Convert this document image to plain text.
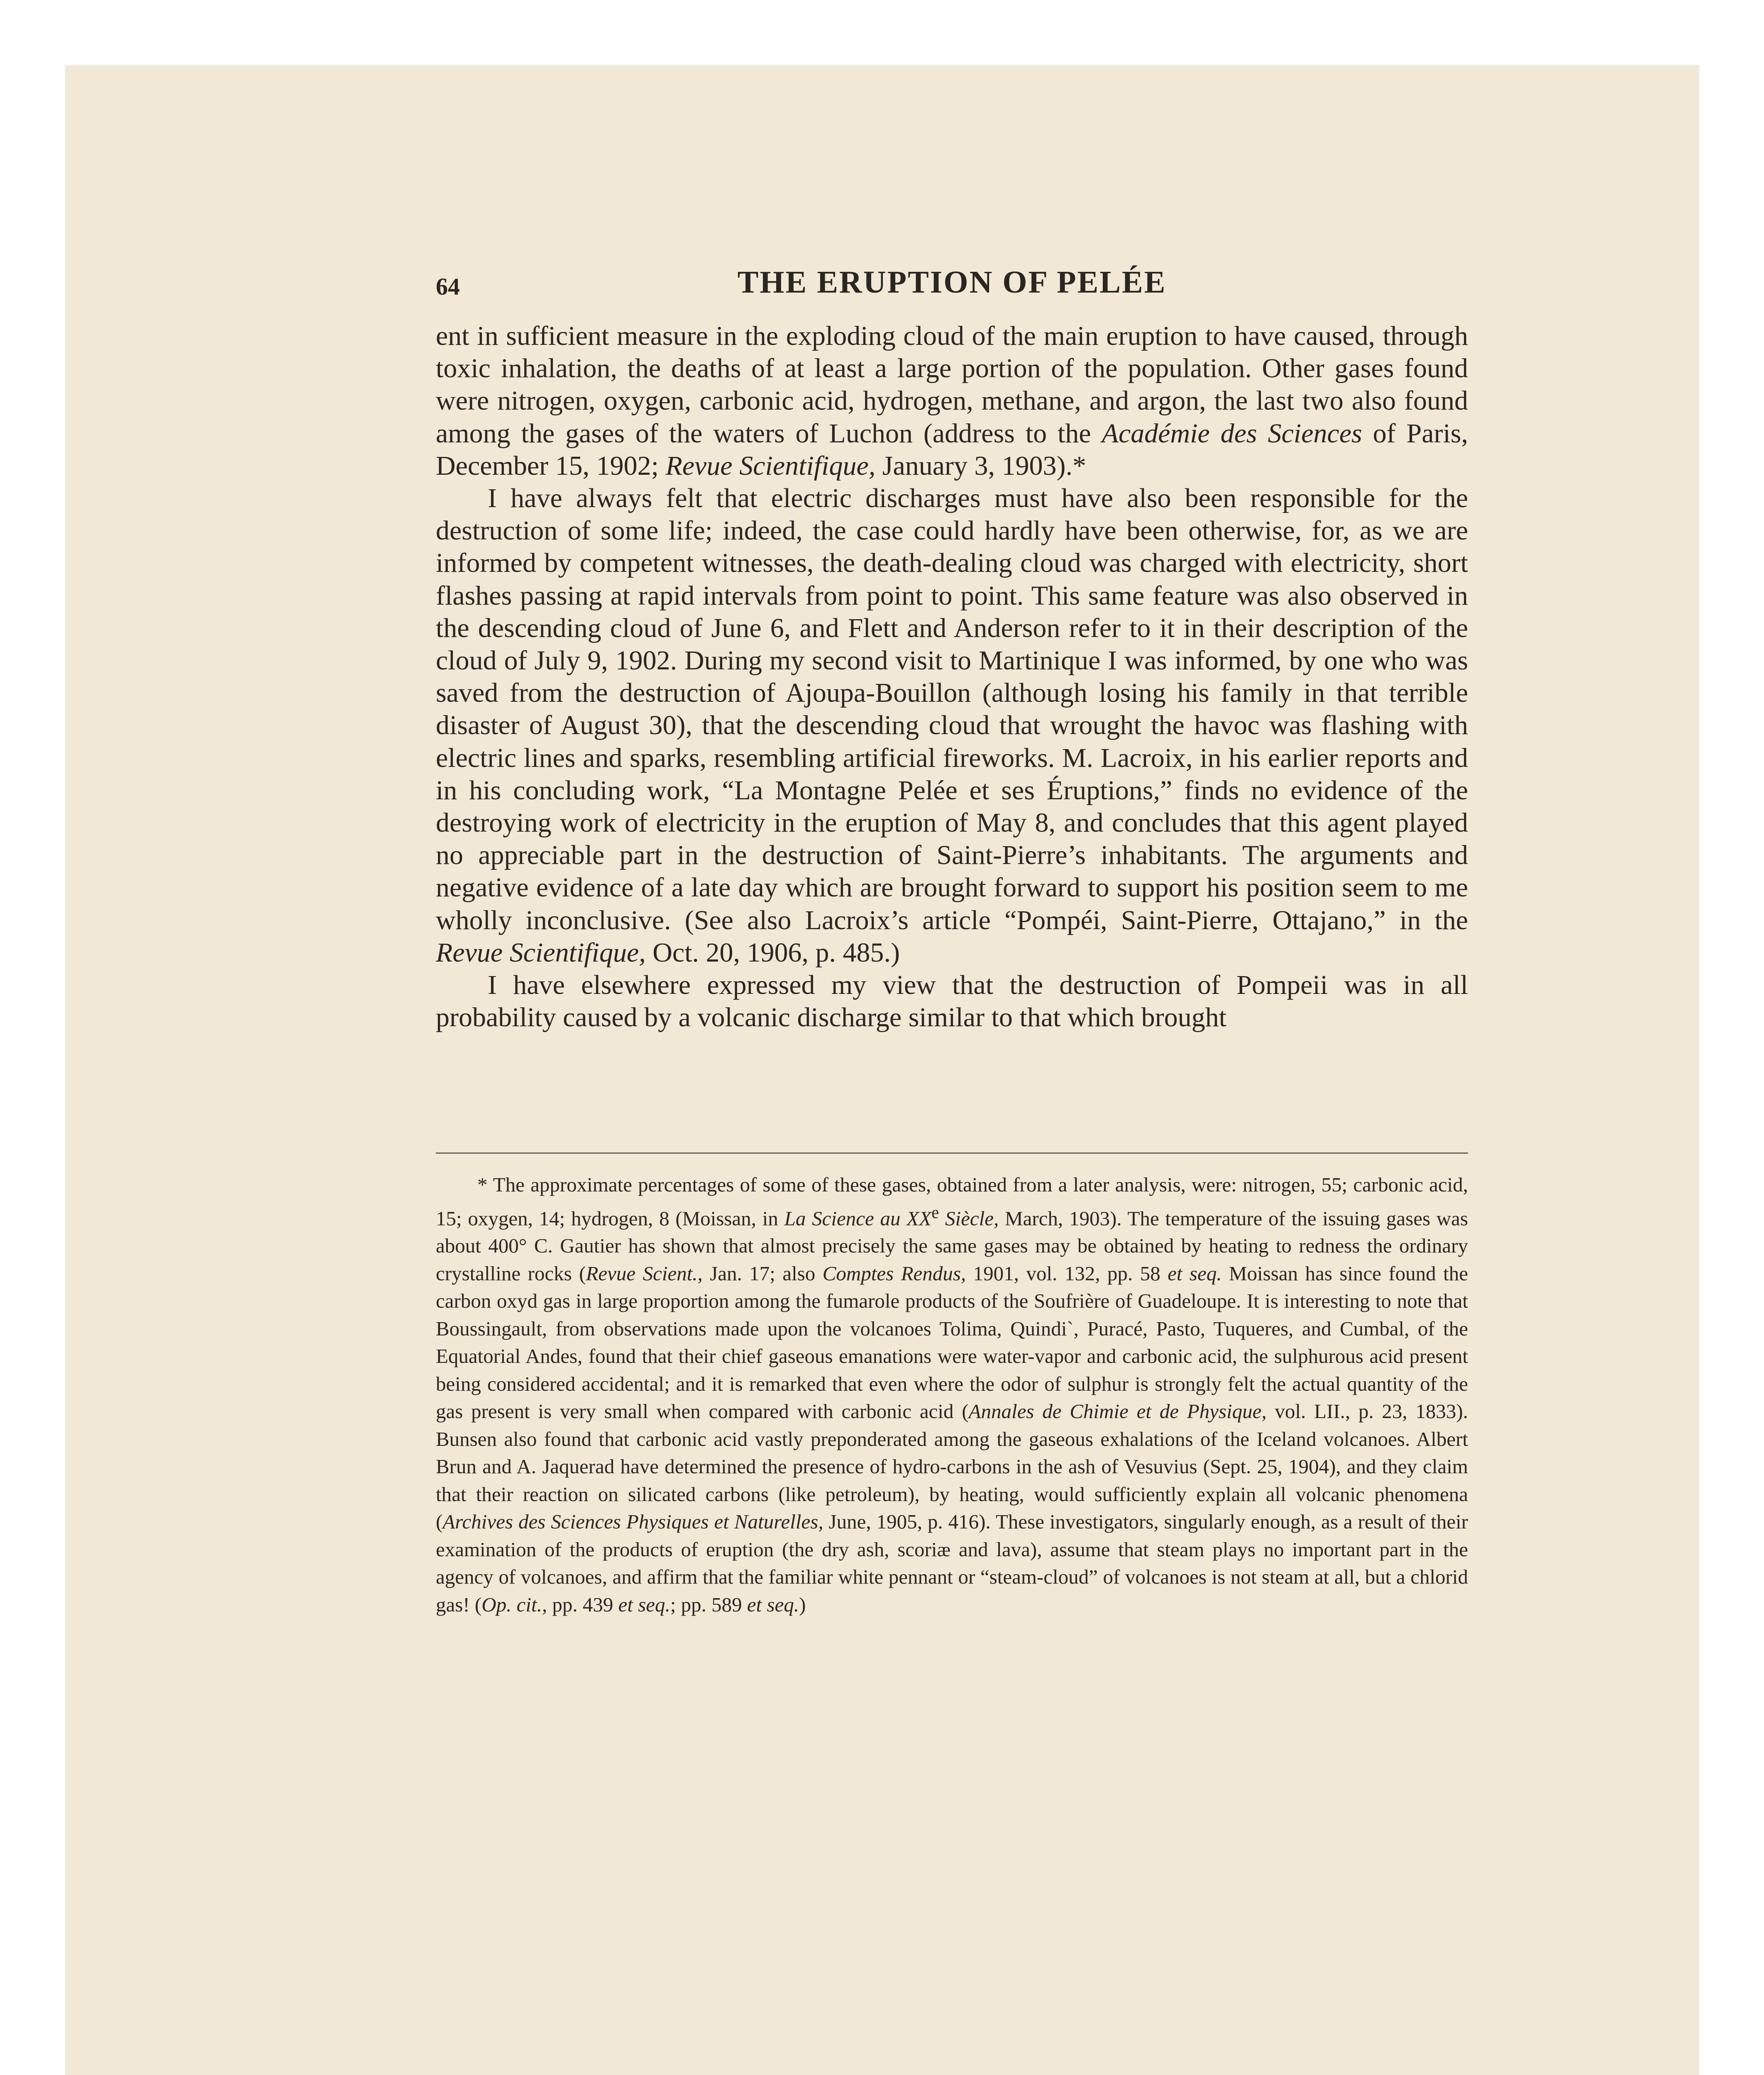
64	THE ERUPTION OF PELÉE

ent in sufficient measure in the exploding cloud of the main eruption to have caused, through toxic inhalation, the deaths of at least a large portion of the population. Other gases found were nitrogen, oxygen, carbonic acid, hydrogen, methane, and argon, the last two also found among the gases of the waters of Luchon (address to the Académie des Sciences of Paris, December 15, 1902; Revue Scientifique, January 3, 1903).*

I have always felt that electric discharges must have also been responsible for the destruction of some life; indeed, the case could hardly have been otherwise, for, as we are informed by competent witnesses, the death-dealing cloud was charged with electricity, short flashes passing at rapid intervals from point to point. This same feature was also observed in the descending cloud of June 6, and Flett and Anderson refer to it in their description of the cloud of July 9, 1902. During my second visit to Martinique I was informed, by one who was saved from the destruction of Ajoupa-Bouillon (although losing his family in that terrible disaster of August 30), that the descending cloud that wrought the havoc was flashing with electric lines and sparks, resembling artificial fireworks. M. Lacroix, in his earlier reports and in his concluding work, “La Montagne Pelée et ses Éruptions,” finds no evidence of the destroying work of electricity in the eruption of May 8, and concludes that this agent played no appreciable part in the destruction of Saint-Pierre’s inhabitants. The arguments and negative evidence of a late day which are brought forward to support his position seem to me wholly inconclusive. (See also Lacroix’s article “Pompéi, Saint-Pierre, Ottajano,” in the Revue Scientifique, Oct. 20, 1906, p. 485.)

I have elsewhere expressed my view that the destruction of Pompeii was in all probability caused by a volcanic discharge similar to that which brought

* The approximate percentages of some of these gases, obtained from a later analysis, were: nitrogen, 55; carbonic acid, 15; oxygen, 14; hydrogen, 8 (Moissan, in La Science au XXe Siècle, March, 1903). The temperature of the issuing gases was about 400° C. Gautier has shown that almost precisely the same gases may be obtained by heating to redness the ordinary crystalline rocks (Revue Scient., Jan. 17; also Comptes Rendus, 1901, vol. 132, pp. 58 et seq. Moissan has since found the carbon oxyd gas in large proportion among the fumarole products of the Soufrière of Guadeloupe. It is interesting to note that Boussingault, from observations made upon the volcanoes Tolima, Quindi`, Puracé, Pasto, Tuqueres, and Cumbal, of the Equatorial Andes, found that their chief gaseous emanations were water-vapor and carbonic acid, the sulphurous acid present being considered accidental; and it is remarked that even where the odor of sulphur is strongly felt the actual quantity of the gas present is very small when compared with carbonic acid (Annales de Chimie et de Physique, vol. LII., p. 23, 1833). Bunsen also found that carbonic acid vastly preponderated among the gaseous exhalations of the Iceland volcanoes. Albert Brun and A. Jaquerad have determined the presence of hydro-carbons in the ash of Vesuvius (Sept. 25, 1904), and they claim that their reaction on silicated carbons (like petroleum), by heating, would sufficiently explain all volcanic phenomena (Archives des Sciences Physiques et Naturelles, June, 1905, p. 416). These investigators, singularly enough, as a result of their examination of the products of eruption (the dry ash, scoriæ and lava), assume that steam plays no important part in the agency of volcanoes, and affirm that the familiar white pennant or “steam-cloud” of volcanoes is not steam at all, but a chlorid gas! (Op. cit., pp. 439 et seq.; pp. 589 et seq.)
